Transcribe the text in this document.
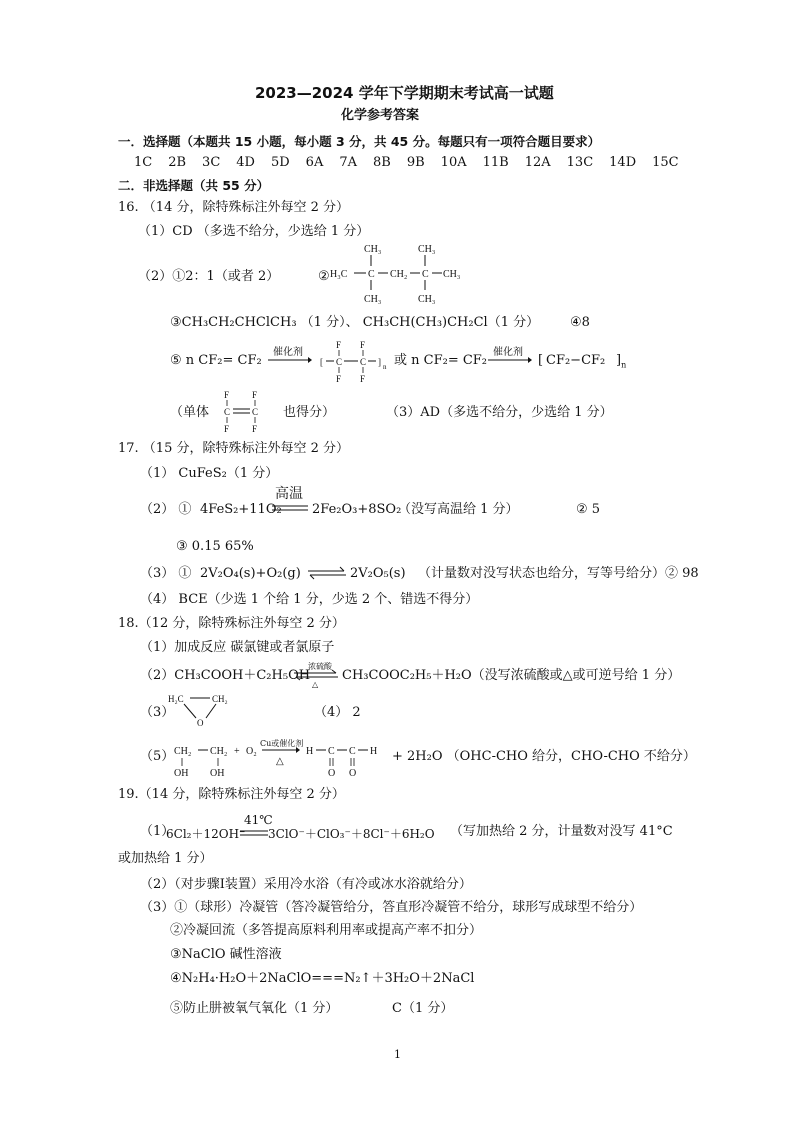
2023—2024 学年下学期期末考试高一试题
化学参考答案
一．选择题（本题共 15 小题，每小题 3 分，共 45 分。每题只有一项符合题目要求）
1C 2B 3C 4D 5D 6A 7A 8B 9B 10A 11B 12A 13C 14D 15C
二．非选择题（共 55 分）
16. （14 分，除特殊标注外每空 2 分）
（1）CD （多选不给分，少选给 1 分）
（2）①2：1（或者 2）	② H₃C C CH₂ C CH₃
CH₃
CH₃
CH₃
CH₃
③CH₃CH₂CHClCH₃ （1 分）、 CH₃CH(CH₃)CH₂Cl（1 分） ④8
⑤ n CF₂= CF₂ →
催化剂
[ C C ] n
F
F
F
F
或 n CF₂= CF₂
催化剂
[ CF₂−CF₂ ]$_n$
（单体 C C
F
F
F
F
也得分）	（3）AD（多选不给分，少选给 1 分）
17. （15 分，除特殊标注外每空 2 分）
（1） CuFeS₂（1 分）
（2） ① 4FeS₂+11O₂
高温
2Fe₂O₃+8SO₂
（没写高温给 1 分）	② 5
③ 0.15 65%
（3） ① 2V₂O₄(s)+O₂(g) ⇌ 2V₂O₅(s) （计量数对没写状态也给分，写等号给分）② 98
（4） BCE（少选 1 个给 1 分，少选 2 个、错选不得分）
18.（12 分，除特殊标注外每空 2 分）
（1）加成反应 碳氯键或者氯原子
（2）CH₃COOH＋C₂H₅OH
浓硫酸
△
CH₃COOC₂H₅＋H₂O（没写浓硫酸或△或可逆号给 1 分）
（3）
H₂C	CH₂
O
（4） 2
（5） CH₂ CH₂ +
OH OH
O₂
△
H C C H
O O
Cu或催化剂
+ 2H₂O （OHC-CHO 给分，CHO-CHO 不给分）
19.（14 分，除特殊标注外每空 2 分）
（1）
6Cl₂＋12OH⁻
41℃
3ClO⁻＋ClO₃⁻＋8Cl⁻＋6H₂O （写加热给 2 分，计量数对没写 41°C
或加热给 1 分）
（2）（对步骤Ⅰ装置）采用冷水浴（有冷或冰水浴就给分）
（3）①（球形）冷凝管（答冷凝管给分，答直形冷凝管不给分，球形写成球型不给分）
②冷凝回流（多答提高原料利用率或提高产率不扣分）
③NaClO 碱性溶液
④N₂H₄·H₂O＋2NaClO===N₂↑＋3H₂O＋2NaCl
⑤防止肼被氧气氧化（1 分）	C（1 分）
1
